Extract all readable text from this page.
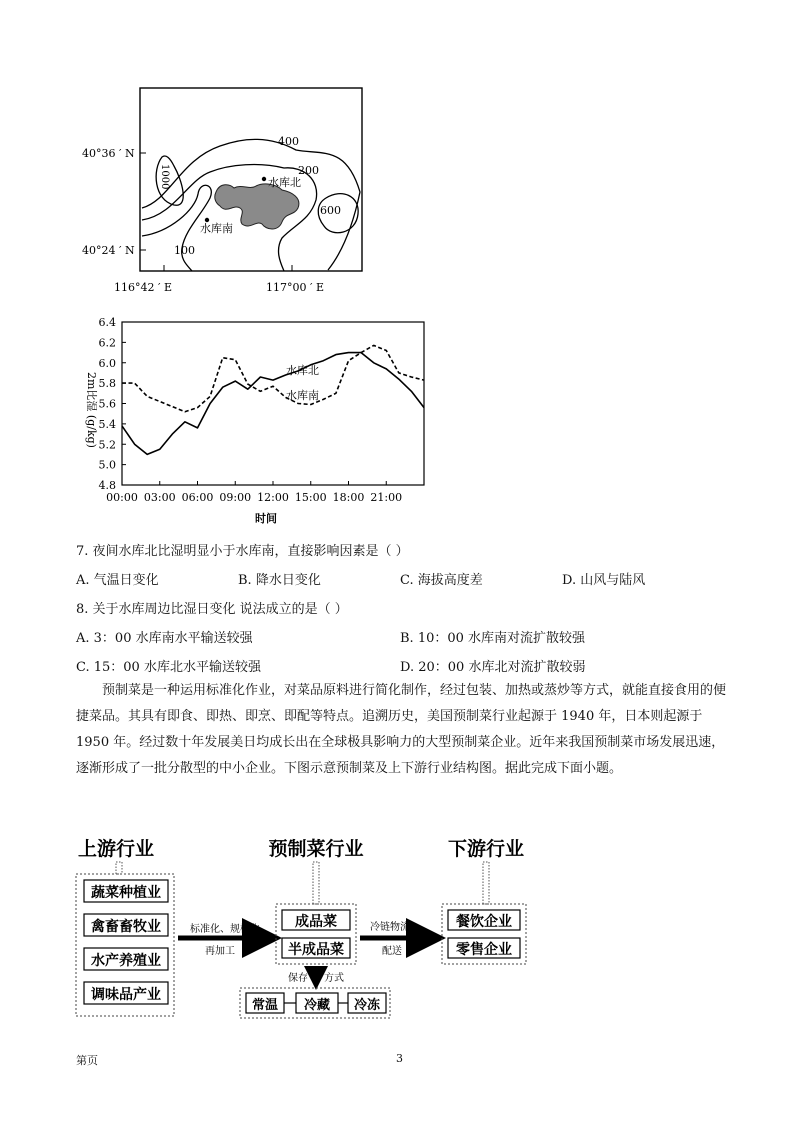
40°36 ′ N
40°24 ′ N
116°42 ′ E	117°00 ′ E
400
200
1000
600
100
水库北
水库南
6.4
6.2
6.0
5.8
5.6
5.4
5.2
5.0
4.8
00:00 03:00 06:00 09:00 12:00 15:00 18:00 21:00
2m比湿 (g/kg)
时间
水库北
水库南
7. 夜间水库北比湿明显小于水库南，直接影响因素是（ ）
A. 气温日变化	B. 降水日变化	C. 海拔高度差	D. 山风与陆风
8. 关于水库周边比湿日变化 说法成立的是（ ）
A. 3：00 水库南水平输送较强	B. 10：00 水库南对流扩散较强
C. 15：00 水库北水平输送较强	D. 20：00 水库北对流扩散较弱
预制菜是一种运用标准化作业，对菜品原料进行简化制作，经过包装、加热或蒸炒等方式，就能直接食用的便捷菜品。其具有即食、即热、即烹、即配等特点。追溯历史，美国预制菜行业起源于 1940 年，日本则起源于 1950 年。经过数十年发展美日均成长出在全球极具影响力的大型预制菜企业。近年来我国预制菜市场发展迅速，逐渐形成了一批分散型的中小企业。下图示意预制菜及上下游行业结构图。据此完成下面小题。
上游行业	预制菜行业	下游行业
蔬菜种植业
禽畜畜牧业
水产养殖业
调味品产业
标准化、规模化
再加工
成品菜
半成品菜
冷链物流
配送
餐饮企业
零售企业
保存 方式
常温 冷藏 冷冻
第页	3
